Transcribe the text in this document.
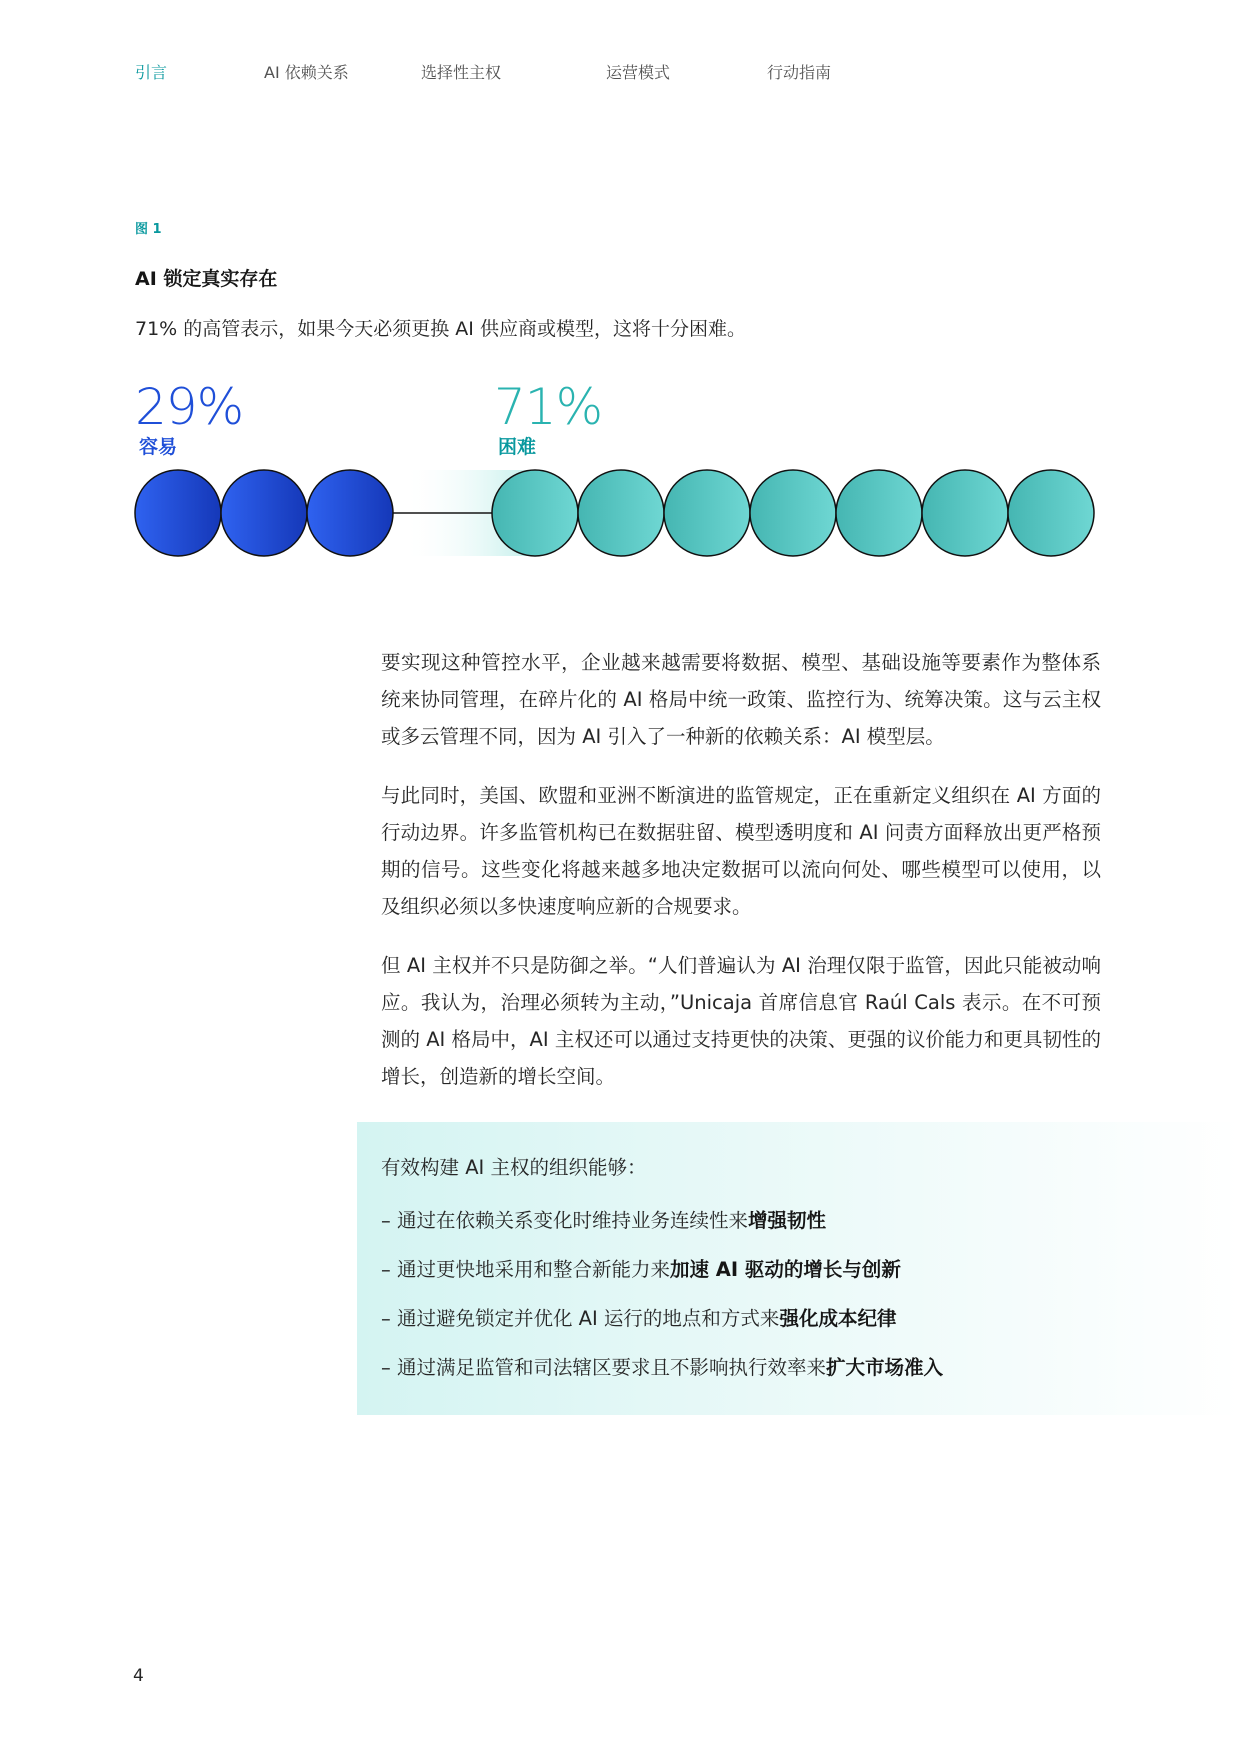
引言	AI 依赖关系	选择性主权	运营模式	行动指南
图 1
AI 锁定真实存在
71% 的高管表示，如果今天必须更换 AI 供应商或模型，这将十分困难。
29%
容易
71%
困难

要实现这种管控水平，企业越来越需要将数据、模型、基础设施等要素作为整体系统来协同管理，在碎片化的 AI 格局中统一政策、监控行为、统筹决策。这与云主权或多云管理不同，因为 AI 引入了一种新的依赖关系：AI 模型层。

与此同时，美国、欧盟和亚洲不断演进的监管规定，正在重新定义组织在 AI 方面的行动边界。许多监管机构已在数据驻留、模型透明度和 AI 问责方面释放出更严格预期的信号。这些变化将越来越多地决定数据可以流向何处、哪些模型可以使用，以及组织必须以多快速度响应新的合规要求。

但 AI 主权并不只是防御之举。“人们普遍认为 AI 治理仅限于监管，因此只能被动响应。我认为，治理必须转为主动，”Unicaja 首席信息官 Raúl Cals 表示。在不可预测的 AI 格局中，AI 主权还可以通过支持更快的决策、更强的议价能力和更具韧性的增长，创造新的增长空间。

有效构建 AI 主权的组织能够：
– 通过在依赖关系变化时维持业务连续性来增强韧性
– 通过更快地采用和整合新能力来加速 AI 驱动的增长与创新
– 通过避免锁定并优化 AI 运行的地点和方式来强化成本纪律
– 通过满足监管和司法辖区要求且不影响执行效率来扩大市场准入
4
